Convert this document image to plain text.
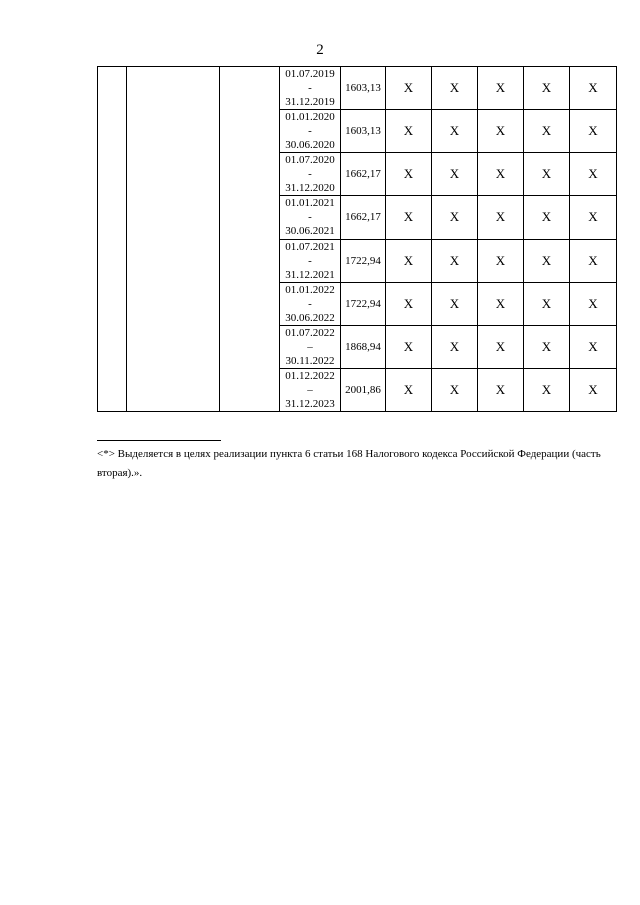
2

			01.07.2019
-
31.12.2019	1603,13	X	X	X	X	X

			01.01.2020
-
30.06.2020	1603,13	X	X	X	X	X

			01.07.2020
-
31.12.2020	1662,17	X	X	X	X	X

			01.01.2021
-
30.06.2021	1662,17	X	X	X	X	X

			01.07.2021
-
31.12.2021	1722,94	X	X	X	X	X

			01.01.2022
-
30.06.2022	1722,94	X	X	X	X	X

			01.07.2022
–
30.11.2022	1868,94	X	X	X	X	X

			01.12.2022
–
31.12.2023	2001,86	X	X	X	X	X
<*> Выделяется в целях реализации пункта 6 статьи 168 Налогового кодекса Российской Федерации (часть вторая).».
